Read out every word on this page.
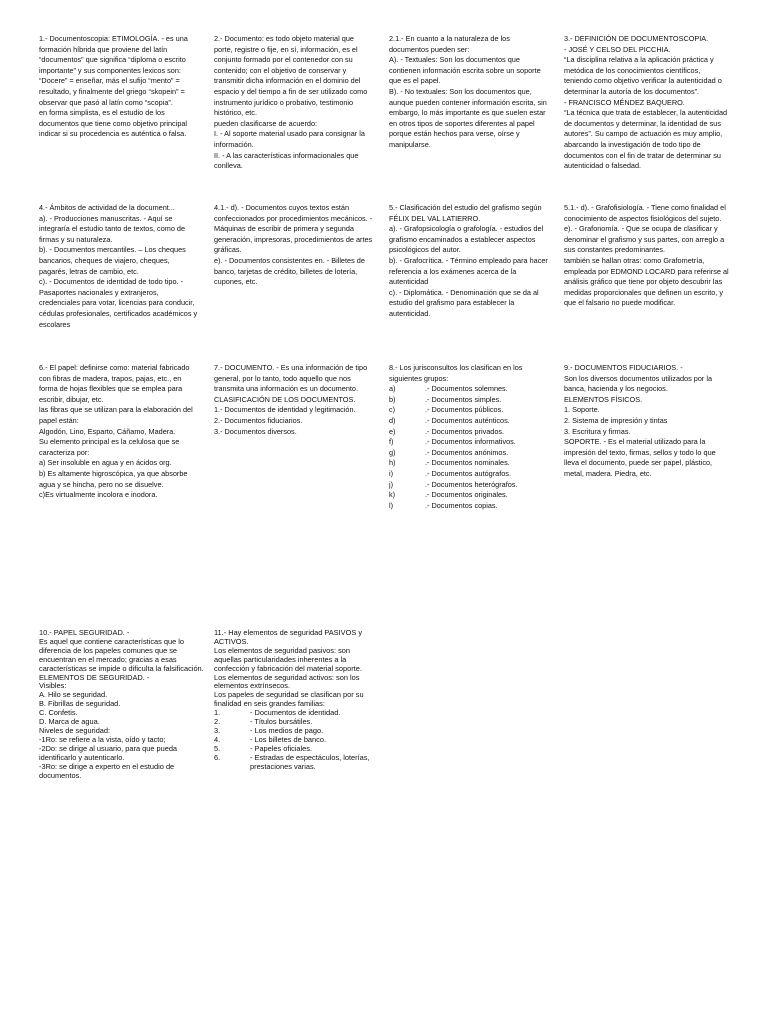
1.- Documentoscopia: ETIMOLOGÍA. - es una formación híbrida que proviene del latín “documentos” que significa “diploma o escrito importante” y sus componentes lexicos son: “Docere” = enseñar, más el sufijo “mento” = resultado, y finalmente del griego “skopein” = observar que pasó al latín como “scopia”.

en forma simplista, es el estudio de los documentos que tiene como objetivo principal indicar si su procedencia es auténtica o falsa.

2.- Documento: es todo objeto material que porte, registre o fije, en sí, información, es el conjunto formado por el contenedor con su contenido; con el objetivo de conservar y transmitir dicha información en el dominio del espacio y del tiempo a fin de ser utilizado como instrumento jurídico o probativo, testimonio histórico, etc.

pueden clasificarse de acuerdo:

I. - Al soporte material usado para consignar la información.

II. - A las características informacionales que conlleva.

2.1.- En cuanto a la naturaleza de los documentos pueden ser:

A). - Textuales: Son los documentos que contienen información escrita sobre un soporte que es el papel.

B). - No textuales: Son los documentos que, aunque pueden contener información escrita, sin embargo, lo más importante es que suelen estar en otros tipos de soportes diferentes al papel porque están hechos para verse, oírse y manipularse.

3.- DEFINICIÓN DE DOCUMENTOSCOPIA.

- JOSÉ Y CELSO DEL PICCHIA.

“La disciplina relativa a la aplicación práctica y metódica de los conocimientos científicos, teniendo como objetivo verificar la autenticidad o determinar la autoría de los documentos”.

- FRANCISCO MÉNDEZ BAQUERO.

“La técnica que trata de establecer, la autenticidad de documentos y determinar, la identidad de sus autores”. Su campo de actuación es muy amplio, abarcando la investigación de todo tipo de documentos con el fin de tratar de determinar su autenticidad o falsedad.

4.- Ámbitos de actividad de la document...

a). - Producciones manuscritas. - Aquí se integraría el estudio tanto de textos, como de firmas y su naturaleza.

b). - Documentos mercantiles. – Los cheques bancarios, cheques de viajero, cheques, pagarés, letras de cambio, etc.

c). - Documentos de identidad de todo tipo. - Pasaportes nacionales y extranjeros, credenciales para votar, licencias para conducir, cédulas profesionales, certificados académicos y escolares

4.1.- d). - Documentos cuyos textos están confeccionados por procedimientos mecánicos. - Máquinas de escribir de primera y segunda generación, impresoras, procedimientos de artes gráficas.

e). - Documentos consistentes en. - Billetes de banco, tarjetas de crédito, billetes de lotería, cupones, etc.

5.- Clasificación del estudio del grafismo según FÉLIX DEL VAL LATIERRO.

a). - Grafopsicología o grafología. - estudios del grafismo encaminados a establecer aspectos psicológicos del autor.

b). - Grafocrítica. - Término empleado para hacer referencia a los exámenes acerca de la autenticidad

c). - Diplomática. - Denominación que se da al estudio del grafismo para establecer la autenticidad.

5.1.- d). - Grafofisiología. - Tiene como finalidad el conocimiento de aspectos fisiológicos del sujeto.

e). - Grafonomía. - Que se ocupa de clasificar y denominar el grafismo y sus partes, con arreglo a sus constantes predominantes.

también se hallan otras: como Grafometría, empleada por EDMOND LOCARD para referirse al análisis gráfico que tiene por objeto descubrir las medidas proporcionales que definen un escrito, y que el falsario no puede modificar.

6.- El papel: definirse como: material fabricado con fibras de madera, trapos, pajas, etc., en forma de hojas flexibles que se emplea para escribir, dibujar, etc.

las fibras que se utilizan para la elaboración del papel están:

Algodón, Lino, Esparto, Cáñamo, Madera.

Su elemento principal es la celulosa que se caracteriza por:

a) Ser insoluble en agua y en ácidos org.

b) Es altamente higroscópica, ya que absorbe agua y se hincha, pero no se disuelve.

c)Es virtualmente incolora e inodora.

7.- DOCUMENTO. - Es una información de tipo general, por lo tanto, todo aquello que nos transmita una información es un documento.

CLASIFICACIÓN DE LOS DOCUMENTOS.

1.- Documentos de identidad y legitimación.

2.- Documentos fiduciarios.

3.- Documentos diversos.

8.- Los jurisconsultos los clasifican en los siguientes grupos:

a)	.- Documentos solemnes.
b)	.- Documentos simples.
c)	.- Documentos públicos.
d)	.- Documentos auténticos.
e)	.- Documentos privados.
f)	.- Documentos informativos.
g)	.- Documentos anónimos.
h)	.- Documentos nominales.
i)	.- Documentos autógrafos.
j)	.- Documentos heterógrafos.
k)	.- Documentos originales.
l)	.- Documentos copias.

9.- DOCUMENTOS FIDUCIARIOS. -

Son los diversos documentos utilizados por la banca, hacienda y los negocios.

ELEMENTOS FÍSICOS.

1. Soporte.

2. Sistema de impresión y tintas

3. Escritura y firmas.

SOPORTE. - Es el material utilizado para la impresión del texto, firmas, sellos y todo lo que lleva el documento, puede ser papel, plástico, metal, madera. Piedra, etc.

10.- PAPEL SEGURIDAD. -

Es aquel que contiene características que lo diferencia de los papeles comunes que se encuentran en el mercado; gracias a esas características se impide o dificulta la falsificación.

ELEMENTOS DE SEGURIDAD. -

Visibles:

A. Hilo se seguridad.

B. Fibrillas de seguridad.

C. Confetis.

D. Marca de agua.

Niveles de seguridad:

-1Ro: se refiere a la vista, oído y tacto;

-2Do: se dirige al usuario, para que pueda identificarlo y autenticarlo.

-3Ro: se dirige a experto en el estudio de documentos.

11.- Hay elementos de seguridad PASIVOS y ACTIVOS.

Los elementos de seguridad pasivos: son aquellas particularidades inherentes a la confección y fabricación del material soporte.

Los elementos de seguridad activos: son los elementos extrínsecos.

Los papeles de seguridad se clasifican por su finalidad en seis grandes familias:

1.	- Documentos de identidad.
2.	- Títulos bursátiles.
3.	- Los medios de pago.
4.	- Los billetes de banco.
5.	- Papeles oficiales.
6.	- Estradas de espectáculos, loterías, prestaciones varias.
